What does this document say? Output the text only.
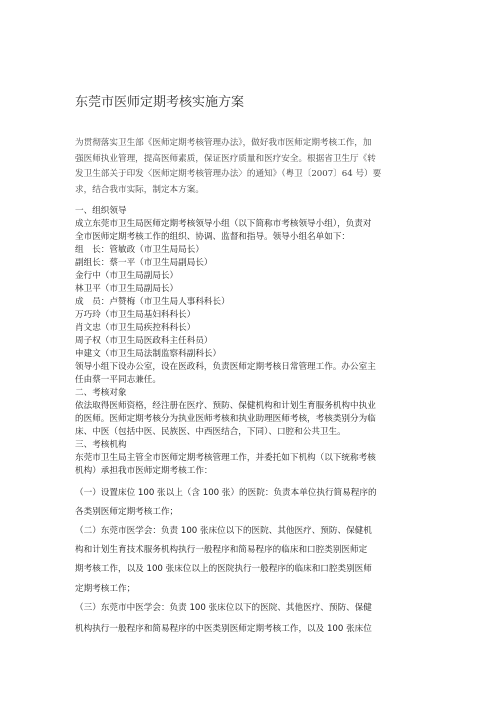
东莞市医师定期考核实施方案

为贯彻落实卫生部《医师定期考核管理办法》，做好我市医师定期考核工作，加

强医师执业管理，提高医师素质，保证医疗质量和医疗安全。根据省卫生厅《转

发卫生部关于印发〈医师定期考核管理办法〉的通知》（粤卫〔2007〕64 号）要

求，结合我市实际，制定本方案。

一、组织领导
成立东莞市卫生局医师定期考核领导小组（以下简称市考核领导小组），负责对
全市医师定期考核工作的组织、协调、监督和指导。领导小组名单如下：
组　长：管敏政（市卫生局局长）
副组长：蔡一平（市卫生局副局长）
金行中（市卫生局副局长）
林卫平（市卫生局副局长）
成　员：卢赞梅（市卫生局人事科科长）
万巧玲（市卫生局基妇科科长）
肖文忠（市卫生局疾控科科长）
周子权（市卫生局医政科主任科员）
申建文（市卫生局法制监察科副科长）
领导小组下设办公室，设在医政科，负责医师定期考核日常管理工作。办公室主
任由蔡一平同志兼任。
二、考核对象
依法取得医师资格，经注册在医疗、预防、保健机构和计划生育服务机构中执业
的医师。医师定期考核分为执业医师考核和执业助理医师考核，考核类别分为临
床、中医（包括中医、民族医、中西医结合，下同）、口腔和公共卫生。
三、考核机构
东莞市卫生局主管全市医师定期考核管理工作，并委托如下机构（以下统称考核
机构）承担我市医师定期考核工作：
（一）设置床位 100 张以上（含 100 张）的医院：负责本单位执行简易程序的
各类别医师定期考核工作；
（二）东莞市医学会：负责 100 张床位以下的医院、其他医疗、预防、保健机
构和计划生育技术服务机构执行一般程序和简易程序的临床和口腔类别医师定
期考核工作，以及 100 张床位以上的医院执行一般程序的临床和口腔类别医师
定期考核工作；
（三）东莞市中医学会：负责 100 张床位以下的医院、其他医疗、预防、保健
机构执行一般程序和简易程序的中医类别医师定期考核工作，以及 100 张床位
